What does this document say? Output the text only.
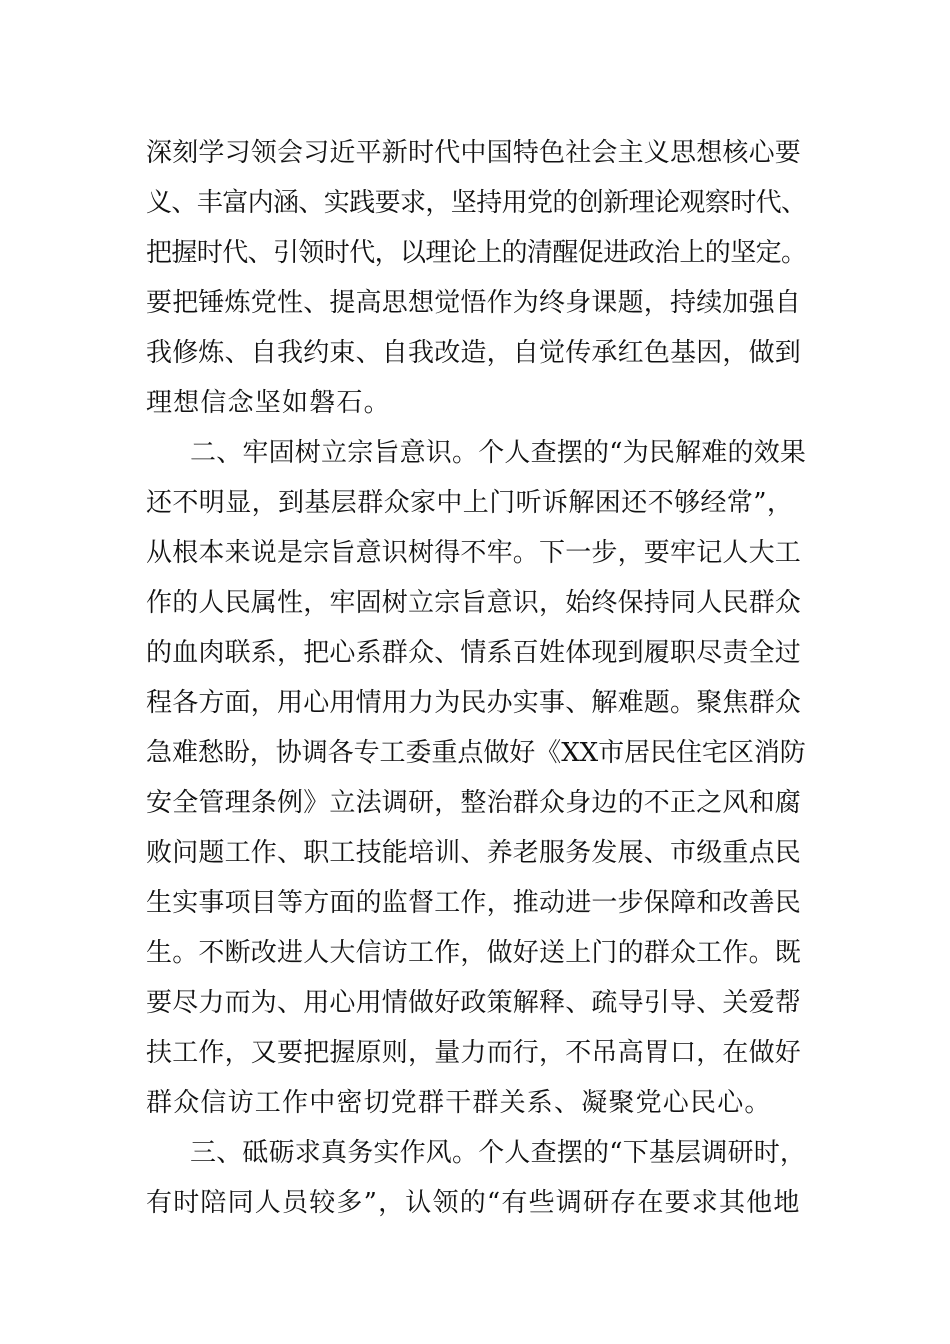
深刻学习领会习近平新时代中国特色社会主义思想核心要
义、丰富内涵、实践要求，坚持用党的创新理论观察时代、
把握时代、引领时代，以理论上的清醒促进政治上的坚定。
要把锤炼党性、提高思想觉悟作为终身课题，持续加强自
我修炼、自我约束、自我改造，自觉传承红色基因，做到
理想信念坚如磐石。
二、牢固树立宗旨意识。个人查摆的“为民解难的效果
还不明显，到基层群众家中上门听诉解困还不够经常”，
从根本来说是宗旨意识树得不牢。下一步，要牢记人大工
作的人民属性，牢固树立宗旨意识，始终保持同人民群众
的血肉联系，把心系群众、情系百姓体现到履职尽责全过
程各方面，用心用情用力为民办实事、解难题。聚焦群众
急难愁盼，协调各专工委重点做好《XX市居民住宅区消防
安全管理条例》立法调研，整治群众身边的不正之风和腐
败问题工作、职工技能培训、养老服务发展、市级重点民
生实事项目等方面的监督工作，推动进一步保障和改善民
生。不断改进人大信访工作，做好送上门的群众工作。既
要尽力而为、用心用情做好政策解释、疏导引导、关爱帮
扶工作，又要把握原则，量力而行，不吊高胃口，在做好
群众信访工作中密切党群干群关系、凝聚党心民心。
三、砥砺求真务实作风。个人查摆的“下基层调研时，
有时陪同人员较多”，认领的“有些调研存在要求其他地
